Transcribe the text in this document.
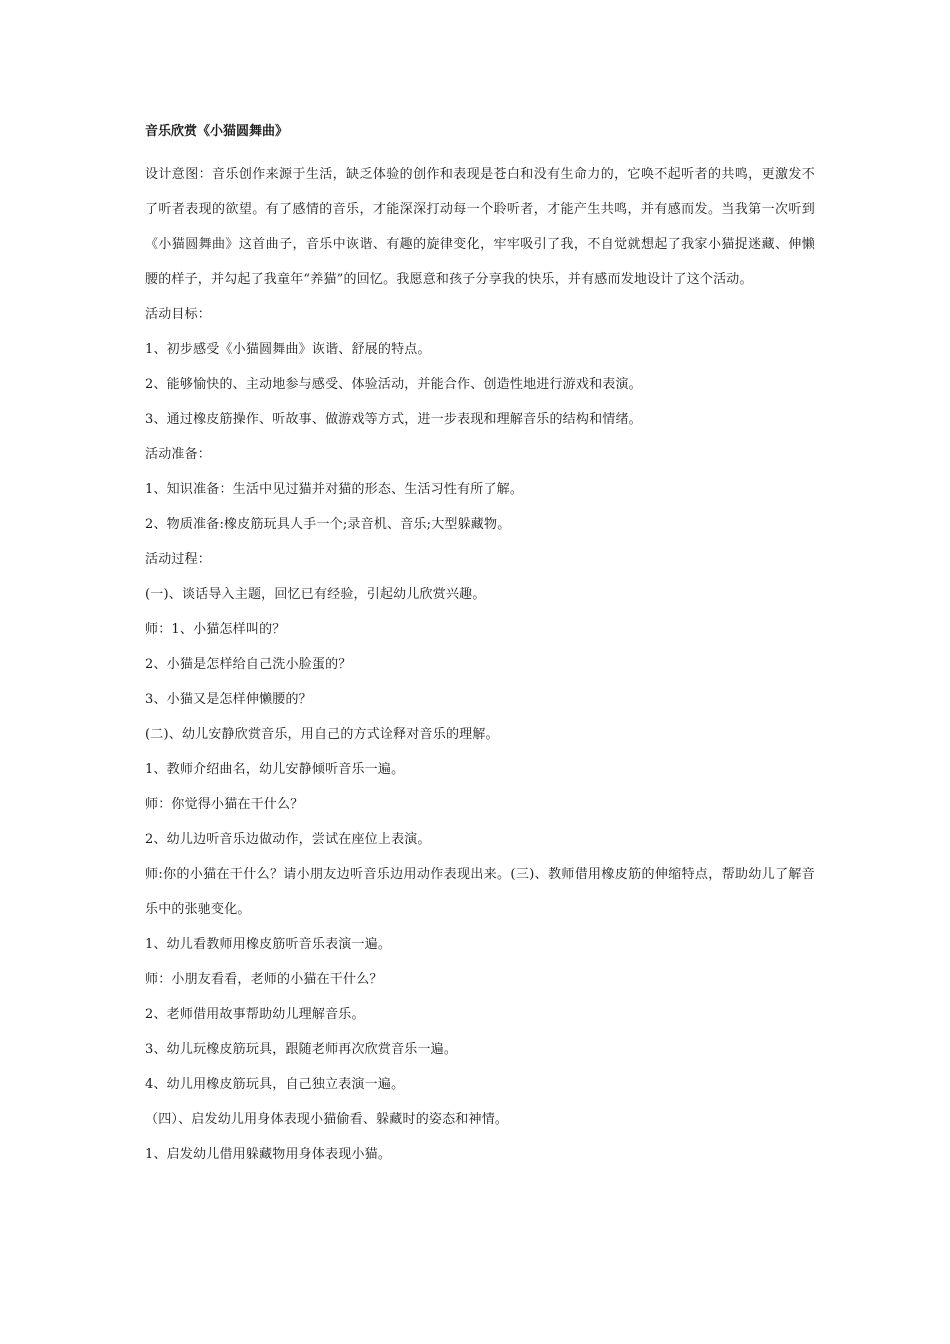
音乐欣赏《小猫圆舞曲》

设计意图：音乐创作来源于生活，缺乏体验的创作和表现是苍白和没有生命力的，它唤不起听者的共鸣，更激发不了听者表现的欲望。有了感情的音乐，才能深深打动每一个聆听者，才能产生共鸣，并有感而发。当我第一次听到《小猫圆舞曲》这首曲子，音乐中诙谐、有趣的旋律变化，牢牢吸引了我，不自觉就想起了我家小猫捉迷藏、伸懒腰的样子，并勾起了我童年“养猫”的回忆。我愿意和孩子分享我的快乐，并有感而发地设计了这个活动。

活动目标：

1、初步感受《小猫圆舞曲》诙谐、舒展的特点。

2、能够愉快的、主动地参与感受、体验活动，并能合作、创造性地进行游戏和表演。

3、通过橡皮筋操作、听故事、做游戏等方式，进一步表现和理解音乐的结构和情绪。

活动准备：

1、知识准备：生活中见过猫并对猫的形态、生活习性有所了解。

2、物质准备:橡皮筋玩具人手一个;录音机、音乐;大型躲藏物。

活动过程：

(一)、谈话导入主题，回忆已有经验，引起幼儿欣赏兴趣。

师：1、小猫怎样叫的？

2、小猫是怎样给自己洗小脸蛋的？

3、小猫又是怎样伸懒腰的？

(二)、幼儿安静欣赏音乐，用自己的方式诠释对音乐的理解。

1、教师介绍曲名，幼儿安静倾听音乐一遍。

师：你觉得小猫在干什么？

2、幼儿边听音乐边做动作，尝试在座位上表演。

师:你的小猫在干什么？请小朋友边听音乐边用动作表现出来。(三)、教师借用橡皮筋的伸缩特点，帮助幼儿了解音乐中的张驰变化。

1、幼儿看教师用橡皮筋听音乐表演一遍。

师：小朋友看看，老师的小猫在干什么？

2、老师借用故事帮助幼儿理解音乐。

3、幼儿玩橡皮筋玩具，跟随老师再次欣赏音乐一遍。

4、幼儿用橡皮筋玩具，自己独立表演一遍。

（四）、启发幼儿用身体表现小猫偷看、躲藏时的姿态和神情。

1、启发幼儿借用躲藏物用身体表现小猫。
